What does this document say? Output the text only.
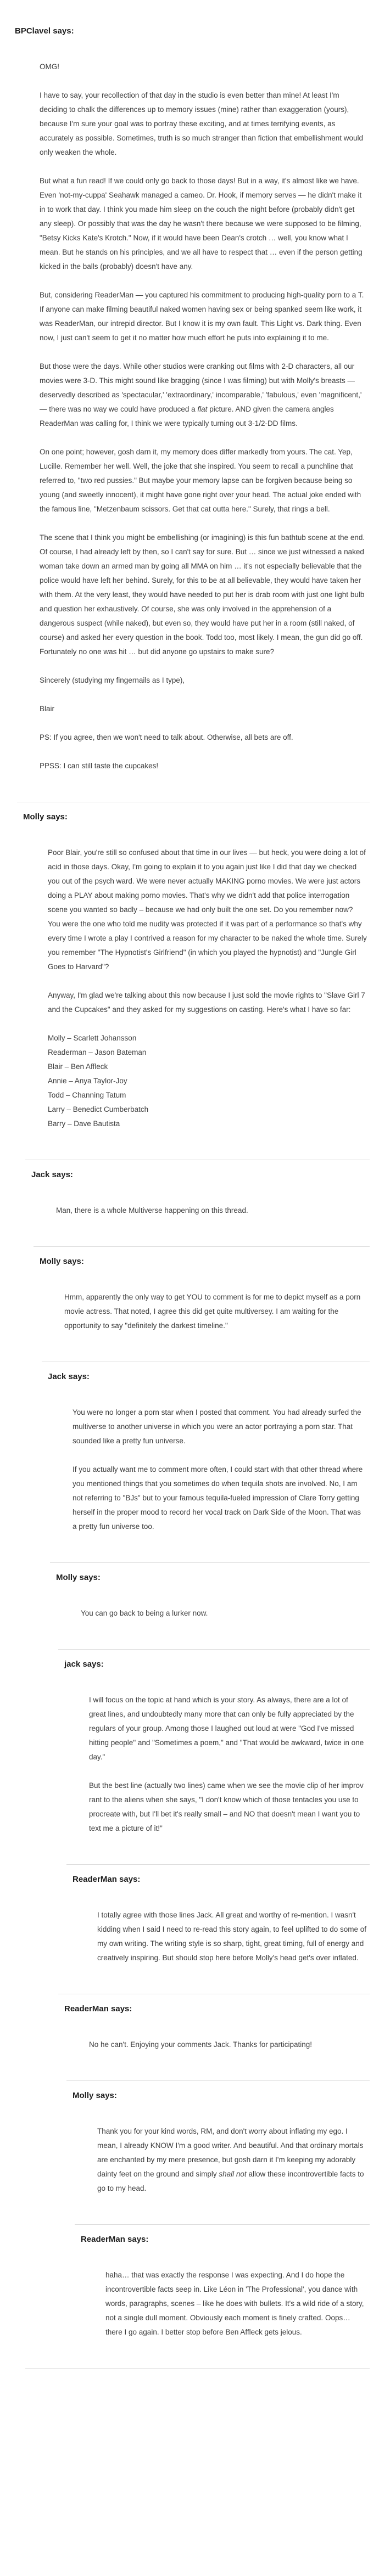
BPClavel says:

OMG!

I have to say, your recollection of that day in the studio is even better than mine! At least I'm deciding to chalk the differences up to memory issues (mine) rather than exaggeration (yours), because I'm sure your goal was to portray these exciting, and at times terrifying events, as accurately as possible. Sometimes, truth is so much stranger than fiction that embellishment would only weaken the whole.

But what a fun read! If we could only go back to those days! But in a way, it's almost like we have. Even 'not-my-cuppa' Seahawk managed a cameo. Dr. Hook, if memory serves — he didn't make it in to work that day. I think you made him sleep on the couch the night before (probably didn't get any sleep). Or possibly that was the day he wasn't there because we were supposed to be filming, "Betsy Kicks Kate's Krotch." Now, if it would have been Dean's crotch … well, you know what I mean. But he stands on his principles, and we all have to respect that … even if the person getting kicked in the balls (probably) doesn't have any.

But, considering ReaderMan — you captured his commitment to producing high-quality porn to a T. If anyone can make filming beautiful naked women having sex or being spanked seem like work, it was ReaderMan, our intrepid director. But I know it is my own fault. This Light vs. Dark thing. Even now, I just can't seem to get it no matter how much effort he puts into explaining it to me.

But those were the days. While other studios were cranking out films with 2-D characters, all our movies were 3-D. This might sound like bragging (since I was filming) but with Molly's breasts — deservedly described as 'spectacular,' 'extraordinary,' incomparable,' 'fabulous,' even 'magnificent,' — there was no way we could have produced a flat picture. AND given the camera angles ReaderMan was calling for, I think we were typically turning out 3-1/2-DD films.

On one point; however, gosh darn it, my memory does differ markedly from yours. The cat. Yep, Lucille. Remember her well. Well, the joke that she inspired. You seem to recall a punchline that referred to, "two red pussies." But maybe your memory lapse can be forgiven because being so young (and sweetly innocent), it might have gone right over your head. The actual joke ended with the famous line, "Metzenbaum scissors. Get that cat outta here." Surely, that rings a bell.

The scene that I think you might be embellishing (or imagining) is this fun bathtub scene at the end. Of course, I had already left by then, so I can't say for sure. But … since we just witnessed a naked woman take down an armed man by going all MMA on him … it's not especially believable that the police would have left her behind. Surely, for this to be at all believable, they would have taken her with them. At the very least, they would have needed to put her is drab room with just one light bulb and question her exhaustively. Of course, she was only involved in the apprehension of a dangerous suspect (while naked), but even so, they would have put her in a room (still naked, of course) and asked her every question in the book. Todd too, most likely. I mean, the gun did go off. Fortunately no one was hit … but did anyone go upstairs to make sure?

Sincerely (studying my fingernails as I type),

Blair

PS: If you agree, then we won't need to talk about. Otherwise, all bets are off.

PPSS: I can still taste the cupcakes!

Molly says:

Poor Blair, you're still so confused about that time in our lives — but heck, you were doing a lot of acid in those days. Okay, I'm going to explain it to you again just like I did that day we checked you out of the psych ward. We were never actually MAKING porno movies. We were just actors doing a PLAY about making porno movies. That's why we didn't add that police interrogation scene you wanted so badly – because we had only built the one set. Do you remember now? You were the one who told me nudity was protected if it was part of a performance so that's why every time I wrote a play I contrived a reason for my character to be naked the whole time. Surely you remember "The Hypnotist's Girlfriend" (in which you played the hypnotist) and "Jungle Girl Goes to Harvard"?

Anyway, I'm glad we're talking about this now because I just sold the movie rights to "Slave Girl 7 and the Cupcakes" and they asked for my suggestions on casting. Here's what I have so far:

Molly – Scarlett Johansson
Readerman – Jason Bateman
Blair – Ben Affleck
Annie – Anya Taylor-Joy
Todd – Channing Tatum
Larry – Benedict Cumberbatch
Barry – Dave Bautista

Jack says:

Man, there is a whole Multiverse happening on this thread.

Molly says:

Hmm, apparently the only way to get YOU to comment is for me to depict myself as a porn movie actress. That noted, I agree this did get quite multiversey. I am waiting for the opportunity to say "definitely the darkest timeline."

Jack says:

You were no longer a porn star when I posted that comment. You had already surfed the multiverse to another universe in which you were an actor portraying a porn star. That sounded like a pretty fun universe.

If you actually want me to comment more often, I could start with that other thread where you mentioned things that you sometimes do when tequila shots are involved. No, I am not referring to "BJs" but to your famous tequila-fueled impression of Clare Torry getting herself in the proper mood to record her vocal track on Dark Side of the Moon. That was a pretty fun universe too.

Molly says:

You can go back to being a lurker now.

jack says:

I will focus on the topic at hand which is your story. As always, there are a lot of great lines, and undoubtedly many more that can only be fully appreciated by the regulars of your group. Among those I laughed out loud at were "God I've missed hitting people" and "Sometimes a poem," and "That would be awkward, twice in one day."

But the best line (actually two lines) came when we see the movie clip of her improv rant to the aliens when she says, "I don't know which of those tentacles you use to procreate with, but I'll bet it's really small – and NO that doesn't mean I want you to text me a picture of it!"

ReaderMan says:

I totally agree with those lines Jack. All great and worthy of re-mention. I wasn't kidding when I said I need to re-read this story again, to feel uplifted to do some of my own writing. The writing style is so sharp, tight, great timing, full of energy and creatively inspiring. But should stop here before Molly's head get's over inflated.

ReaderMan says:

No he can't. Enjoying your comments Jack. Thanks for participating!

Molly says:

Thank you for your kind words, RM, and don't worry about inflating my ego. I mean, I already KNOW I'm a good writer. And beautiful. And that ordinary mortals are enchanted by my mere presence, but gosh darn it I'm keeping my adorably dainty feet on the ground and simply shall not allow these incontrovertible facts to go to my head.

ReaderMan says:

haha… that was exactly the response I was expecting. And I do hope the incontrovertible facts seep in. Like Léon in 'The Professional', you dance with words, paragraphs, scenes – like he does with bullets. It's a wild ride of a story, not a single dull moment. Obviously each moment is finely crafted. Oops… there I go again. I better stop before Ben Affleck gets jelous.
